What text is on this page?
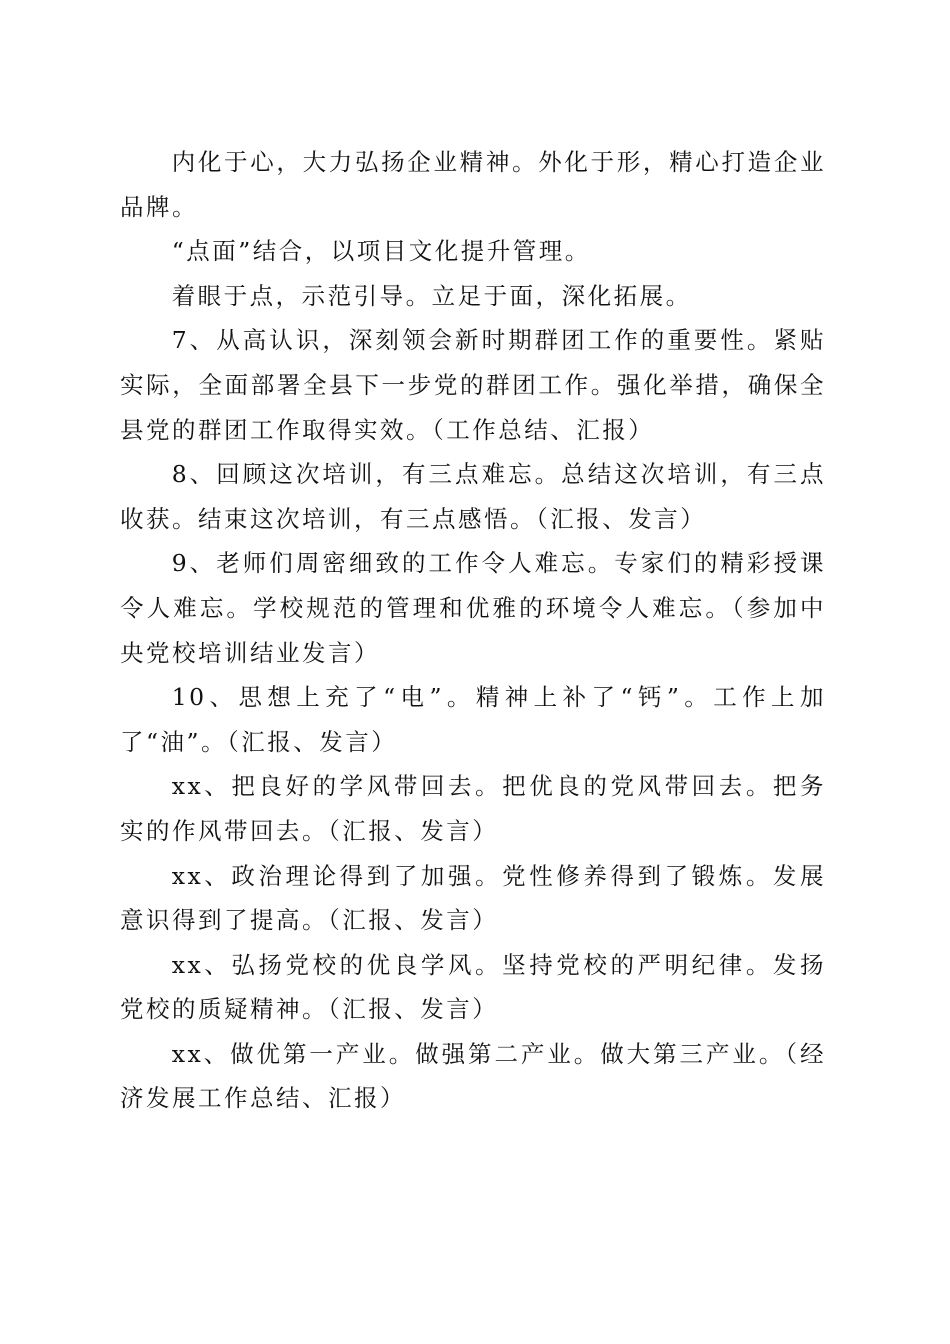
内化于心，大力弘扬企业精神。外化于形，精心打造企业品牌。

“点面”结合，以项目文化提升管理。

着眼于点，示范引导。立足于面，深化拓展。

7、从高认识，深刻领会新时期群团工作的重要性。紧贴实际，全面部署全县下一步党的群团工作。强化举措，确保全县党的群团工作取得实效。（工作总结、汇报）

8、回顾这次培训，有三点难忘。总结这次培训，有三点收获。结束这次培训，有三点感悟。（汇报、发言）

9、老师们周密细致的工作令人难忘。专家们的精彩授课令人难忘。学校规范的管理和优雅的环境令人难忘。（参加中央党校培训结业发言）

10、思想上充了“电”。精神上补了“钙”。工作上加了“油”。（汇报、发言）

xx、把良好的学风带回去。把优良的党风带回去。把务实的作风带回去。（汇报、发言）

xx、政治理论得到了加强。党性修养得到了锻炼。发展意识得到了提高。（汇报、发言）

xx、弘扬党校的优良学风。坚持党校的严明纪律。发扬党校的质疑精神。（汇报、发言）

xx、做优第一产业。做强第二产业。做大第三产业。（经济发展工作总结、汇报）
